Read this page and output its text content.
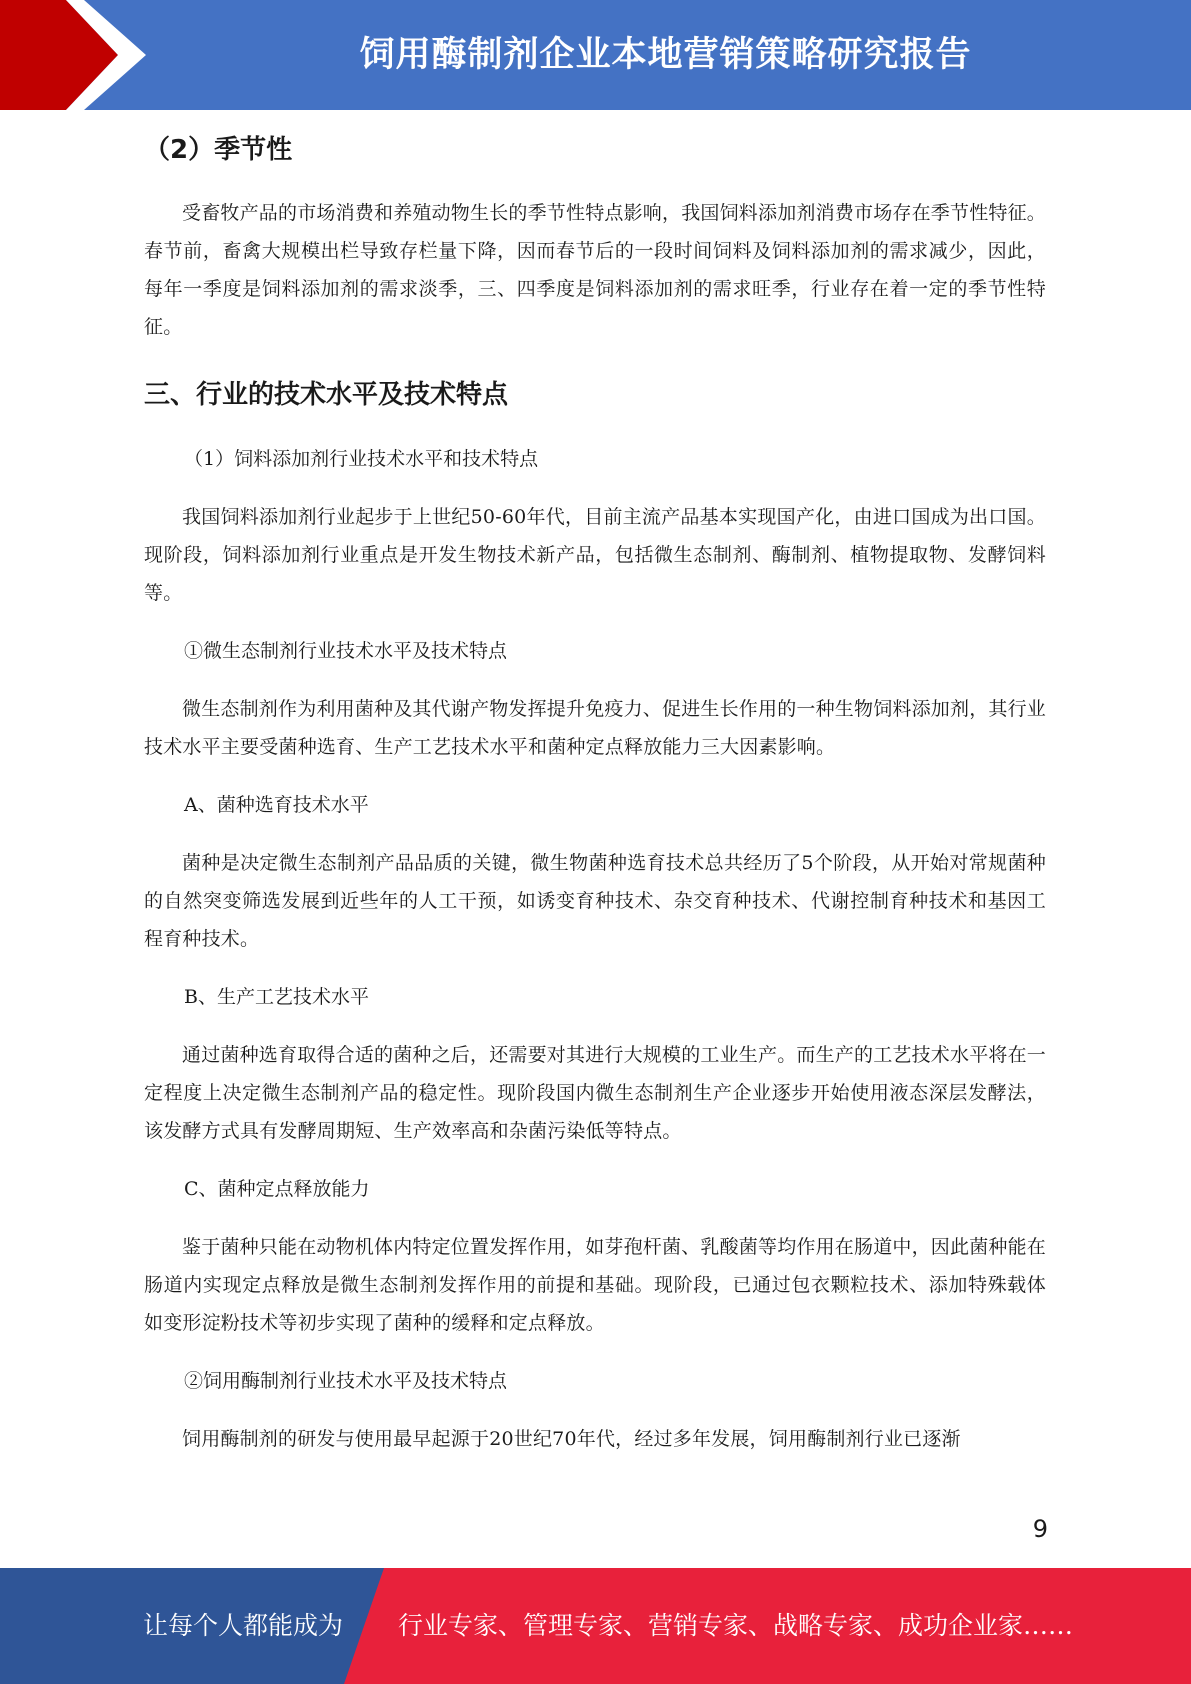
饲用酶制剂企业本地营销策略研究报告
（2）季节性

受畜牧产品的市场消费和养殖动物生长的季节性特点影响，我国饲料添加剂消费市场存在季节性特征。春节前，畜禽大规模出栏导致存栏量下降，因而春节后的一段时间饲料及饲料添加剂的需求减少，因此，每年一季度是饲料添加剂的需求淡季，三、四季度是饲料添加剂的需求旺季，行业存在着一定的季节性特征。

三、行业的技术水平及技术特点

（1）饲料添加剂行业技术水平和技术特点

我国饲料添加剂行业起步于上世纪50-60年代，目前主流产品基本实现国产化，由进口国成为出口国。现阶段，饲料添加剂行业重点是开发生物技术新产品，包括微生态制剂、酶制剂、植物提取物、发酵饲料等。

①微生态制剂行业技术水平及技术特点

微生态制剂作为利用菌种及其代谢产物发挥提升免疫力、促进生长作用的一种生物饲料添加剂，其行业技术水平主要受菌种选育、生产工艺技术水平和菌种定点释放能力三大因素影响。

A、菌种选育技术水平

菌种是决定微生态制剂产品品质的关键，微生物菌种选育技术总共经历了5个阶段，从开始对常规菌种的自然突变筛选发展到近些年的人工干预，如诱变育种技术、杂交育种技术、代谢控制育种技术和基因工程育种技术。

B、生产工艺技术水平

通过菌种选育取得合适的菌种之后，还需要对其进行大规模的工业生产。而生产的工艺技术水平将在一定程度上决定微生态制剂产品的稳定性。现阶段国内微生态制剂生产企业逐步开始使用液态深层发酵法，该发酵方式具有发酵周期短、生产效率高和杂菌污染低等特点。

C、菌种定点释放能力

鉴于菌种只能在动物机体内特定位置发挥作用，如芽孢杆菌、乳酸菌等均作用在肠道中，因此菌种能在肠道内实现定点释放是微生态制剂发挥作用的前提和基础。现阶段，已通过包衣颗粒技术、添加特殊载体如变形淀粉技术等初步实现了菌种的缓释和定点释放。

②饲用酶制剂行业技术水平及技术特点

饲用酶制剂的研发与使用最早起源于20世纪70年代，经过多年发展，饲用酶制剂行业已逐渐

9
让每个人都能成为 行业专家、管理专家、营销专家、战略专家、成功企业家……
